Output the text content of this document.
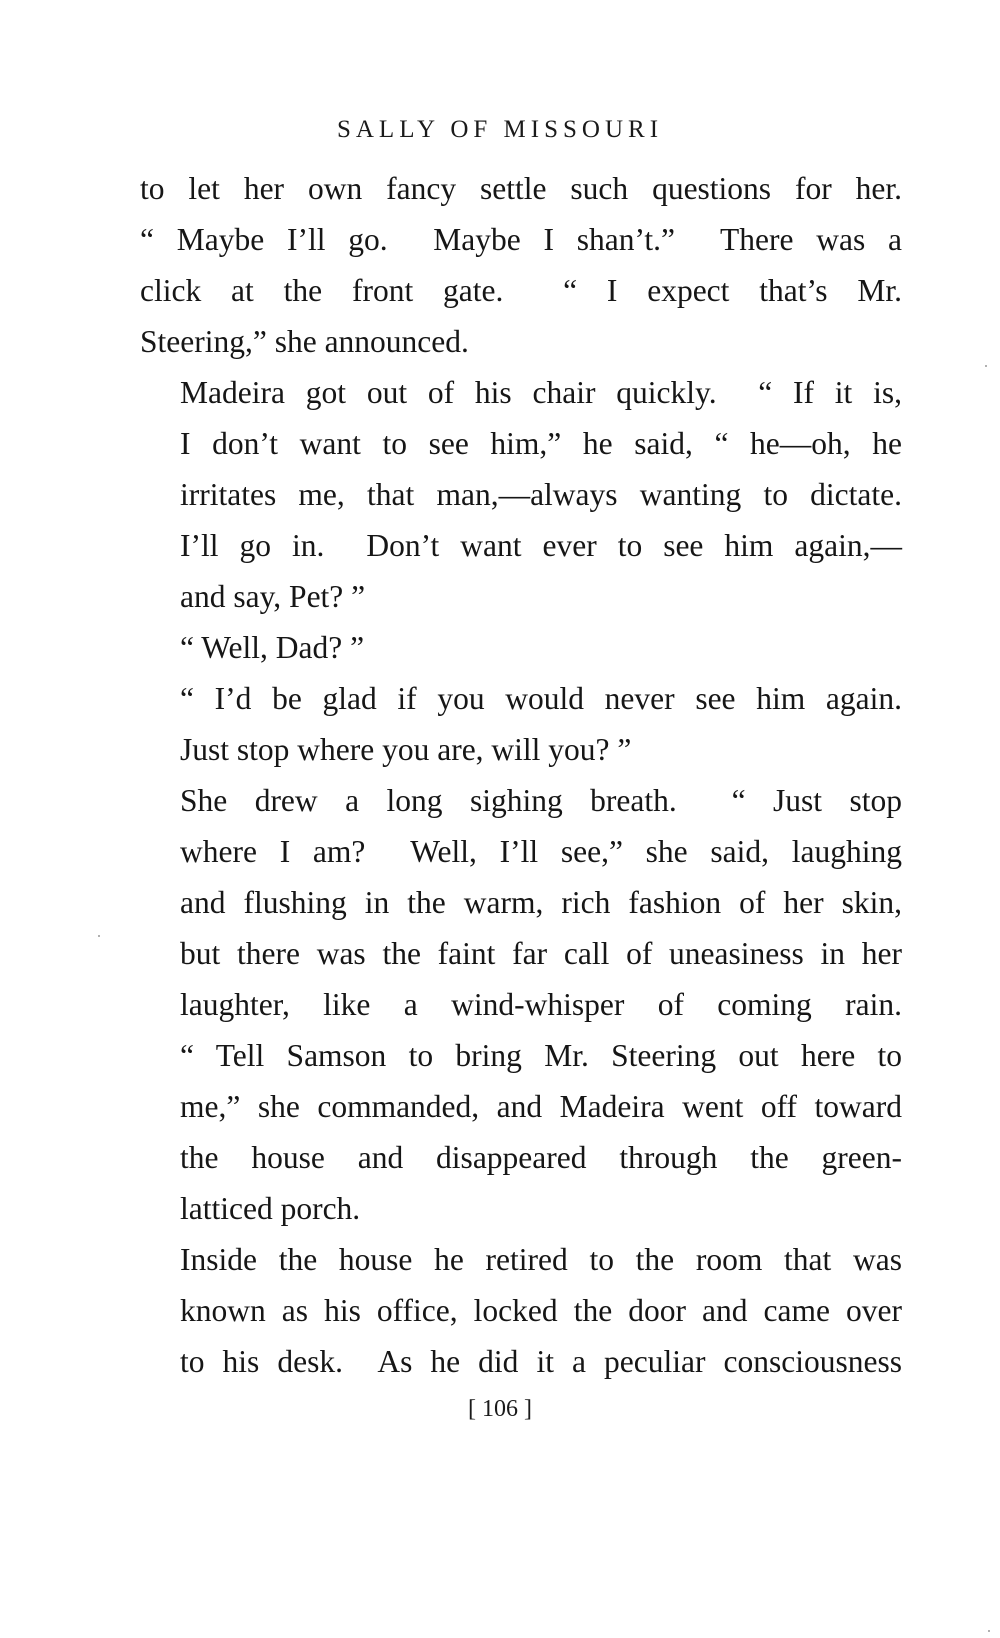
SALLY OF MISSOURI
to let her own fancy settle such questions for her.
“ Maybe I’ll go.  Maybe I shan’t.”  There was a
click at the front gate.  “ I expect that’s Mr.
Steering,” she announced.
Madeira got out of his chair quickly.  “ If it is,
I don’t want to see him,” he said, “ he—oh, he
irritates me, that man,—always wanting to dictate.
I’ll go in.  Don’t want ever to see him again,—
and say, Pet? ”
“ Well, Dad? ”
“ I’d be glad if you would never see him again.
Just stop where you are, will you? ”
She drew a long sighing breath.  “ Just stop
where I am?  Well, I’ll see,” she said, laughing
and flushing in the warm, rich fashion of her skin,
but there was the faint far call of uneasiness in her
laughter, like a wind-whisper of coming rain.
“ Tell Samson to bring Mr. Steering out here to
me,” she commanded, and Madeira went off toward
the house and disappeared through the green-
latticed porch.
Inside the house he retired to the room that was
known as his office, locked the door and came over
to his desk.  As he did it a peculiar consciousness
[ 106 ]
